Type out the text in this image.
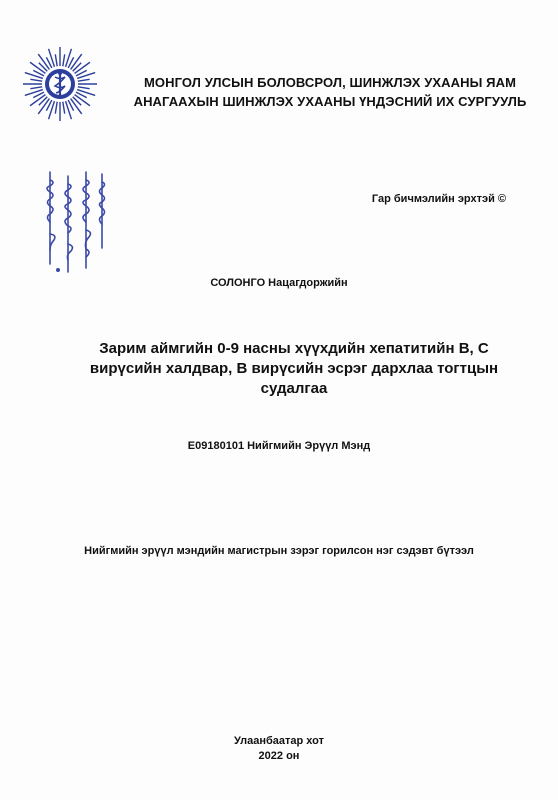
МОНГОЛ УЛСЫН БОЛОВСРОЛ, ШИНЖЛЭХ УХААНЫ ЯАМ
АНАГААХЫН ШИНЖЛЭХ УХААНЫ ҮНДЭСНИЙ ИХ СУРГУУЛЬ
Гар бичмэлийн эрхтэй ©
СОЛОНГО Нацагдоржийн
Зарим аймгийн 0-9 насны хүүхдийн хепатитийн В, С
вирүсийн халдвар, В вирүсийн эсрэг дархлаа тогтцын
судалгаа
E09180101 Нийгмийн Эрүүл Мэнд
Нийгмийн эрүүл мэндийн магистрын зэрэг горилсон нэг сэдэвт бүтээл
Улаанбаатар хот
2022 он
